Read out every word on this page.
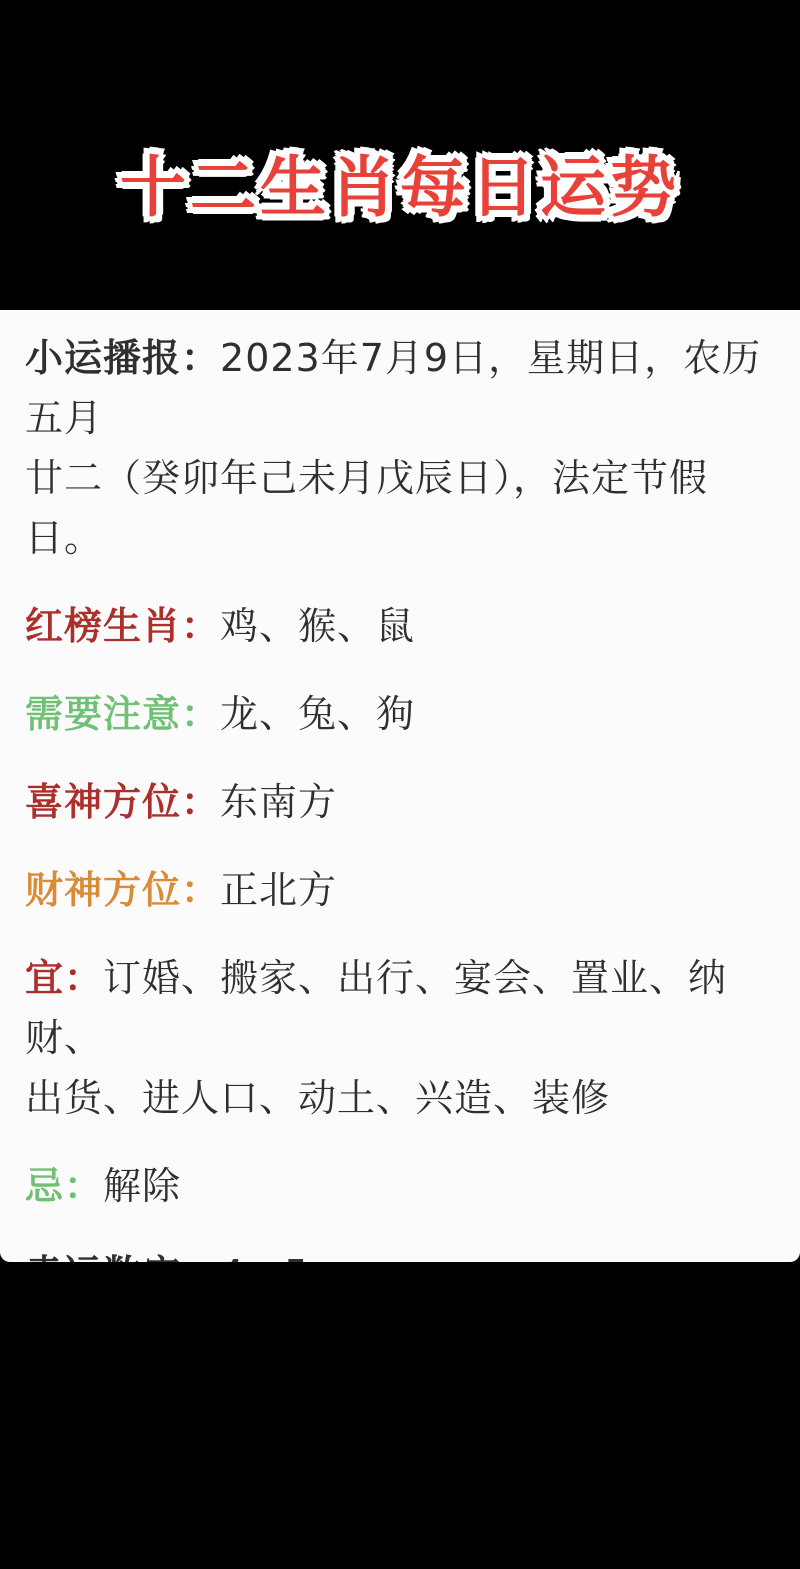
十二生肖每日运势

小运播报：2023年7月9日，星期日，农历五月
廿二（癸卯年己未月戊辰日），法定节假日。

红榜生肖：鸡、猴、鼠

需要注意：龙、兔、狗

喜神方位：东南方

财神方位：正北方

宜：订婚、搬家、出行、宴会、置业、纳财、
出货、进人口、动土、兴造、装修

忌：解除
